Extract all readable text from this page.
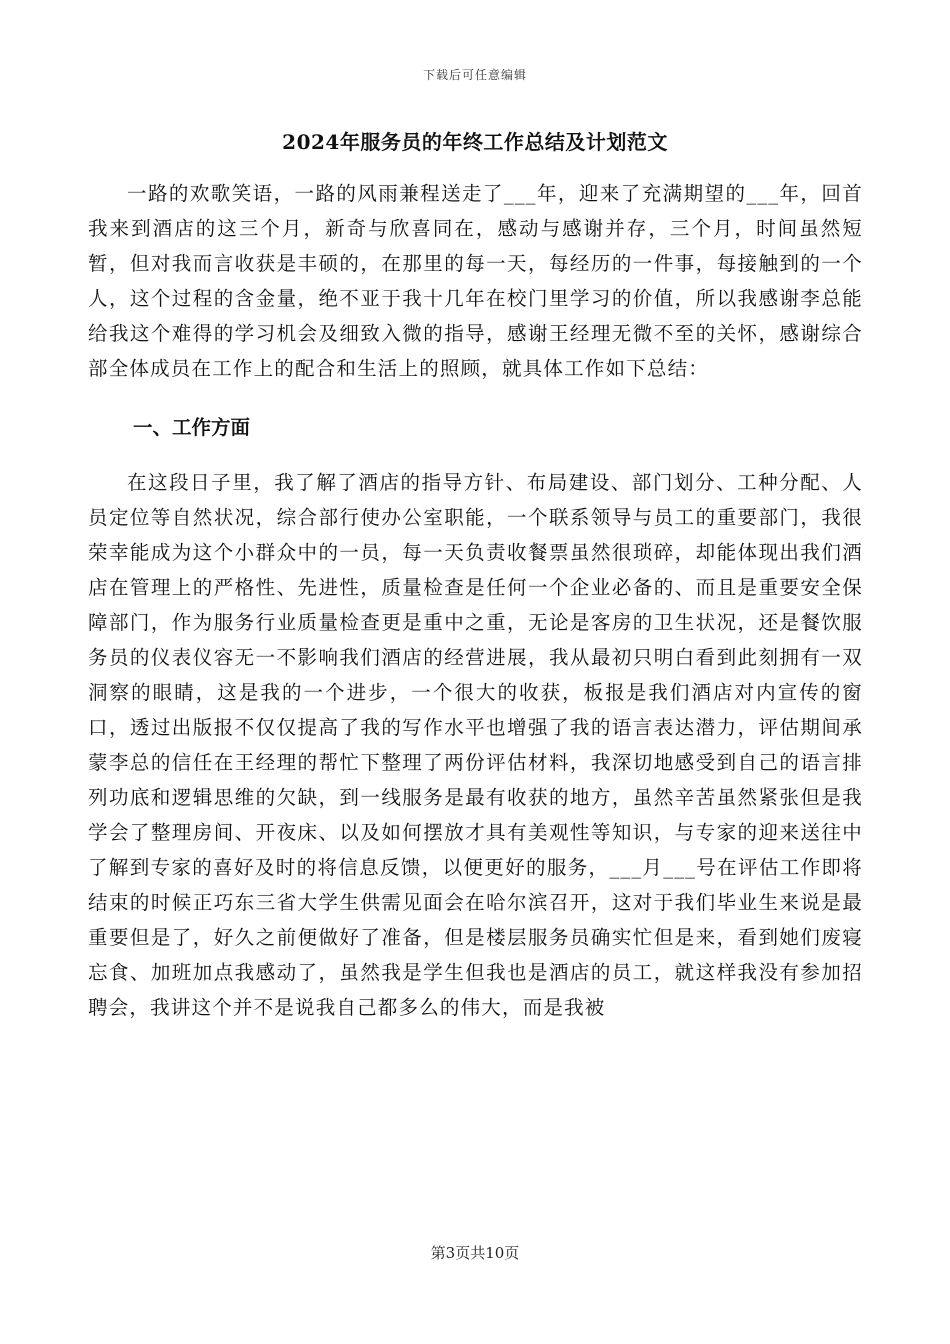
下载后可任意编辑
2024年服务员的年终工作总结及计划范文

一路的欢歌笑语，一路的风雨兼程送走了___年，迎来了充满期望的___年，回首我来到酒店的这三个月，新奇与欣喜同在，感动与感谢并存，三个月，时间虽然短暂，但对我而言收获是丰硕的，在那里的每一天，每经历的一件事，每接触到的一个人，这个过程的含金量，绝不亚于我十几年在校门里学习的价值，所以我感谢李总能给我这个难得的学习机会及细致入微的指导，感谢王经理无微不至的关怀，感谢综合部全体成员在工作上的配合和生活上的照顾，就具体工作如下总结：

一、工作方面

在这段日子里，我了解了酒店的指导方针、布局建设、部门划分、工种分配、人员定位等自然状况，综合部行使办公室职能，一个联系领导与员工的重要部门，我很荣幸能成为这个小群众中的一员，每一天负责收餐票虽然很琐碎，却能体现出我们酒店在管理上的严格性、先进性，质量检查是任何一个企业必备的、而且是重要安全保障部门，作为服务行业质量检查更是重中之重，无论是客房的卫生状况，还是餐饮服务员的仪表仪容无一不影响我们酒店的经营进展，我从最初只明白看到此刻拥有一双洞察的眼睛，这是我的一个进步，一个很大的收获，板报是我们酒店对内宣传的窗口，透过出版报不仅仅提高了我的写作水平也增强了我的语言表达潜力，评估期间承蒙李总的信任在王经理的帮忙下整理了两份评估材料，我深切地感受到自己的语言排列功底和逻辑思维的欠缺，到一线服务是最有收获的地方，虽然辛苦虽然紧张但是我学会了整理房间、开夜床、以及如何摆放才具有美观性等知识，与专家的迎来送往中了解到专家的喜好及时的将信息反馈，以便更好的服务，___月___号在评估工作即将结束的时候正巧东三省大学生供需见面会在哈尔滨召开，这对于我们毕业生来说是最重要但是了，好久之前便做好了准备，但是楼层服务员确实忙但是来，看到她们废寝忘食、加班加点我感动了，虽然我是学生但我也是酒店的员工，就这样我没有参加招聘会，我讲这个并不是说我自己都多么的伟大，而是我被

第3页共10页
